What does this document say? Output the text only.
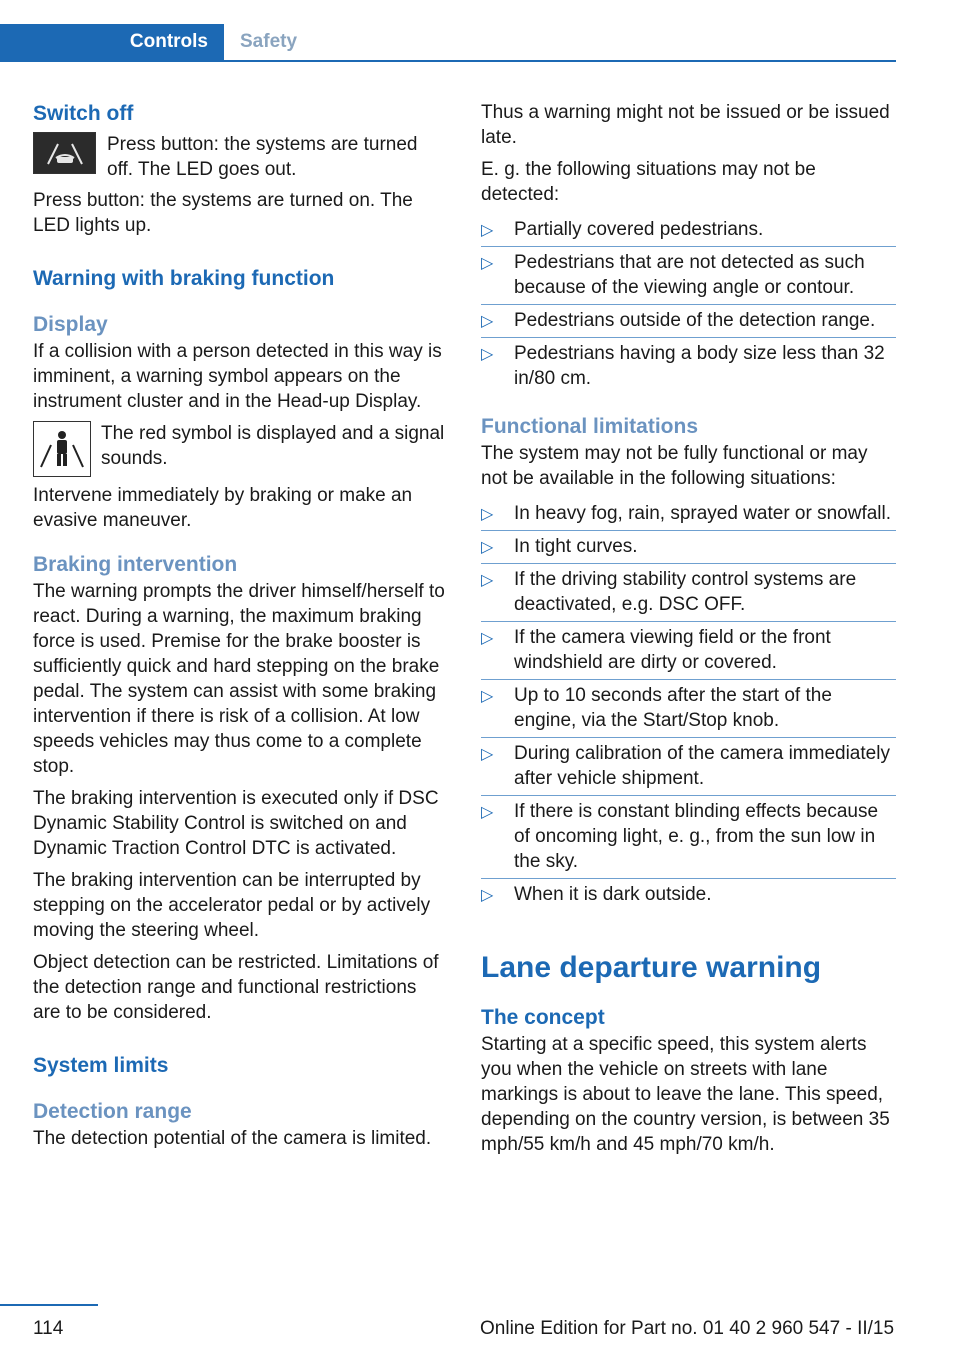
Controls	Safety
Switch off

Press button: the systems are turned off. The LED goes out.

Press button: the systems are turned on. The LED lights up.

Warning with braking function
Display

If a collision with a person detected in this way is imminent, a warning symbol appears on the instrument cluster and in the Head-up Display.

The red symbol is displayed and a signal sounds.

Intervene immediately by braking or make an evasive maneuver.

Braking intervention

The warning prompts the driver himself/herself to react. During a warning, the maximum braking force is used. Premise for the brake booster is sufficiently quick and hard stepping on the brake pedal. The system can assist with some braking intervention if there is risk of a collision. At low speeds vehicles may thus come to a complete stop.

The braking intervention is executed only if DSC Dynamic Stability Control is switched on and Dynamic Traction Control DTC is activated.

The braking intervention can be interrupted by stepping on the accelerator pedal or by actively moving the steering wheel.

Object detection can be restricted. Limitations of the detection range and functional restrictions are to be considered.

System limits
Detection range

The detection potential of the camera is limited.

Thus a warning might not be issued or be issued late.

E. g. the following situations may not be detected:

▷ Partially covered pedestrians.
▷ Pedestrians that are not detected as such because of the viewing angle or contour.
▷ Pedestrians outside of the detection range.
▷ Pedestrians having a body size less than 32 in/80 cm.
Functional limitations

The system may not be fully functional or may not be available in the following situations:

▷ In heavy fog, rain, sprayed water or snowfall.
▷ In tight curves.
▷ If the driving stability control systems are deactivated, e.g. DSC OFF.
▷ If the camera viewing field or the front windshield are dirty or covered.
▷ Up to 10 seconds after the start of the engine, via the Start/Stop knob.
▷ During calibration of the camera immediately after vehicle shipment.
▷ If there is constant blinding effects because of oncoming light, e. g., from the sun low in the sky.
▷ When it is dark outside.
Lane departure warning
The concept

Starting at a specific speed, this system alerts you when the vehicle on streets with lane markings is about to leave the lane. This speed, depending on the country version, is between 35 mph/55 km/h and 45 mph/70 km/h.

114	Online Edition for Part no. 01 40 2 960 547 - II/15
